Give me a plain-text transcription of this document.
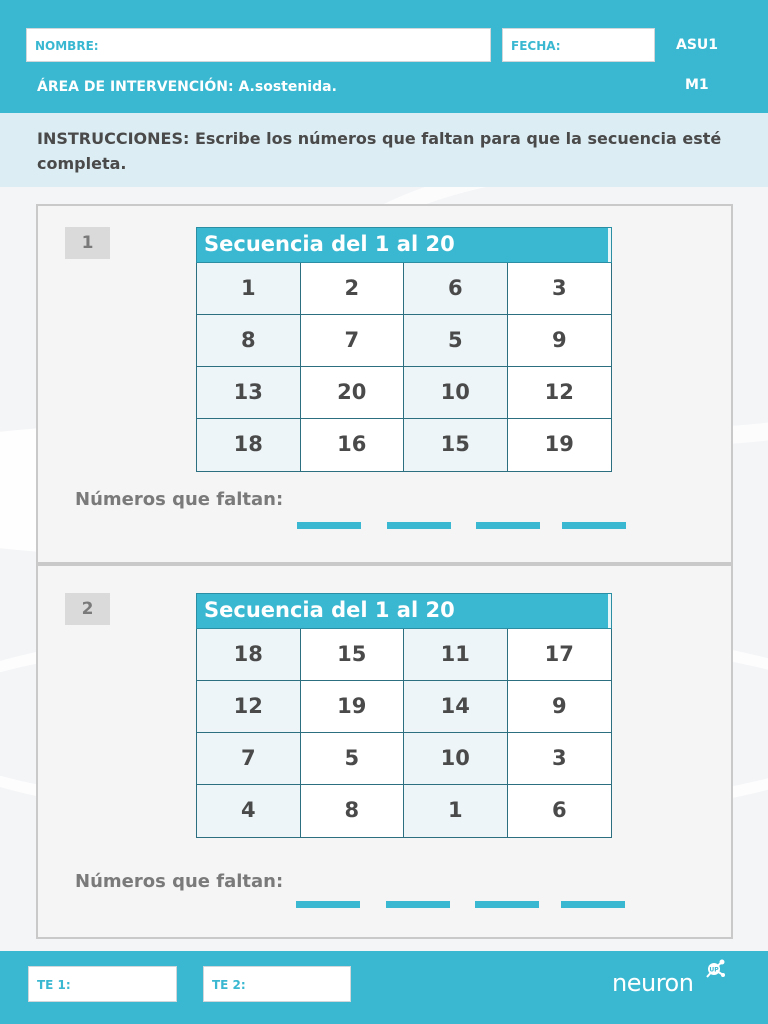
NOMBRE:	FECHA:	ASU1
M1
ÁREA DE INTERVENCIÓN: A.sostenida.
INSTRUCCIONES: Escribe los números que faltan para que la secuencia esté completa.
1	Secuencia del 1 al 20
1	2	6	3
8	7	5	9
13	20	10	12
18	16	15	19
Números que faltan:
2	Secuencia del 1 al 20
18	15	11	17
12	19	14	9
7	5	10	3
4	8	1	6
Números que faltan:
TE 1:	TE 2:	neuron	UP
